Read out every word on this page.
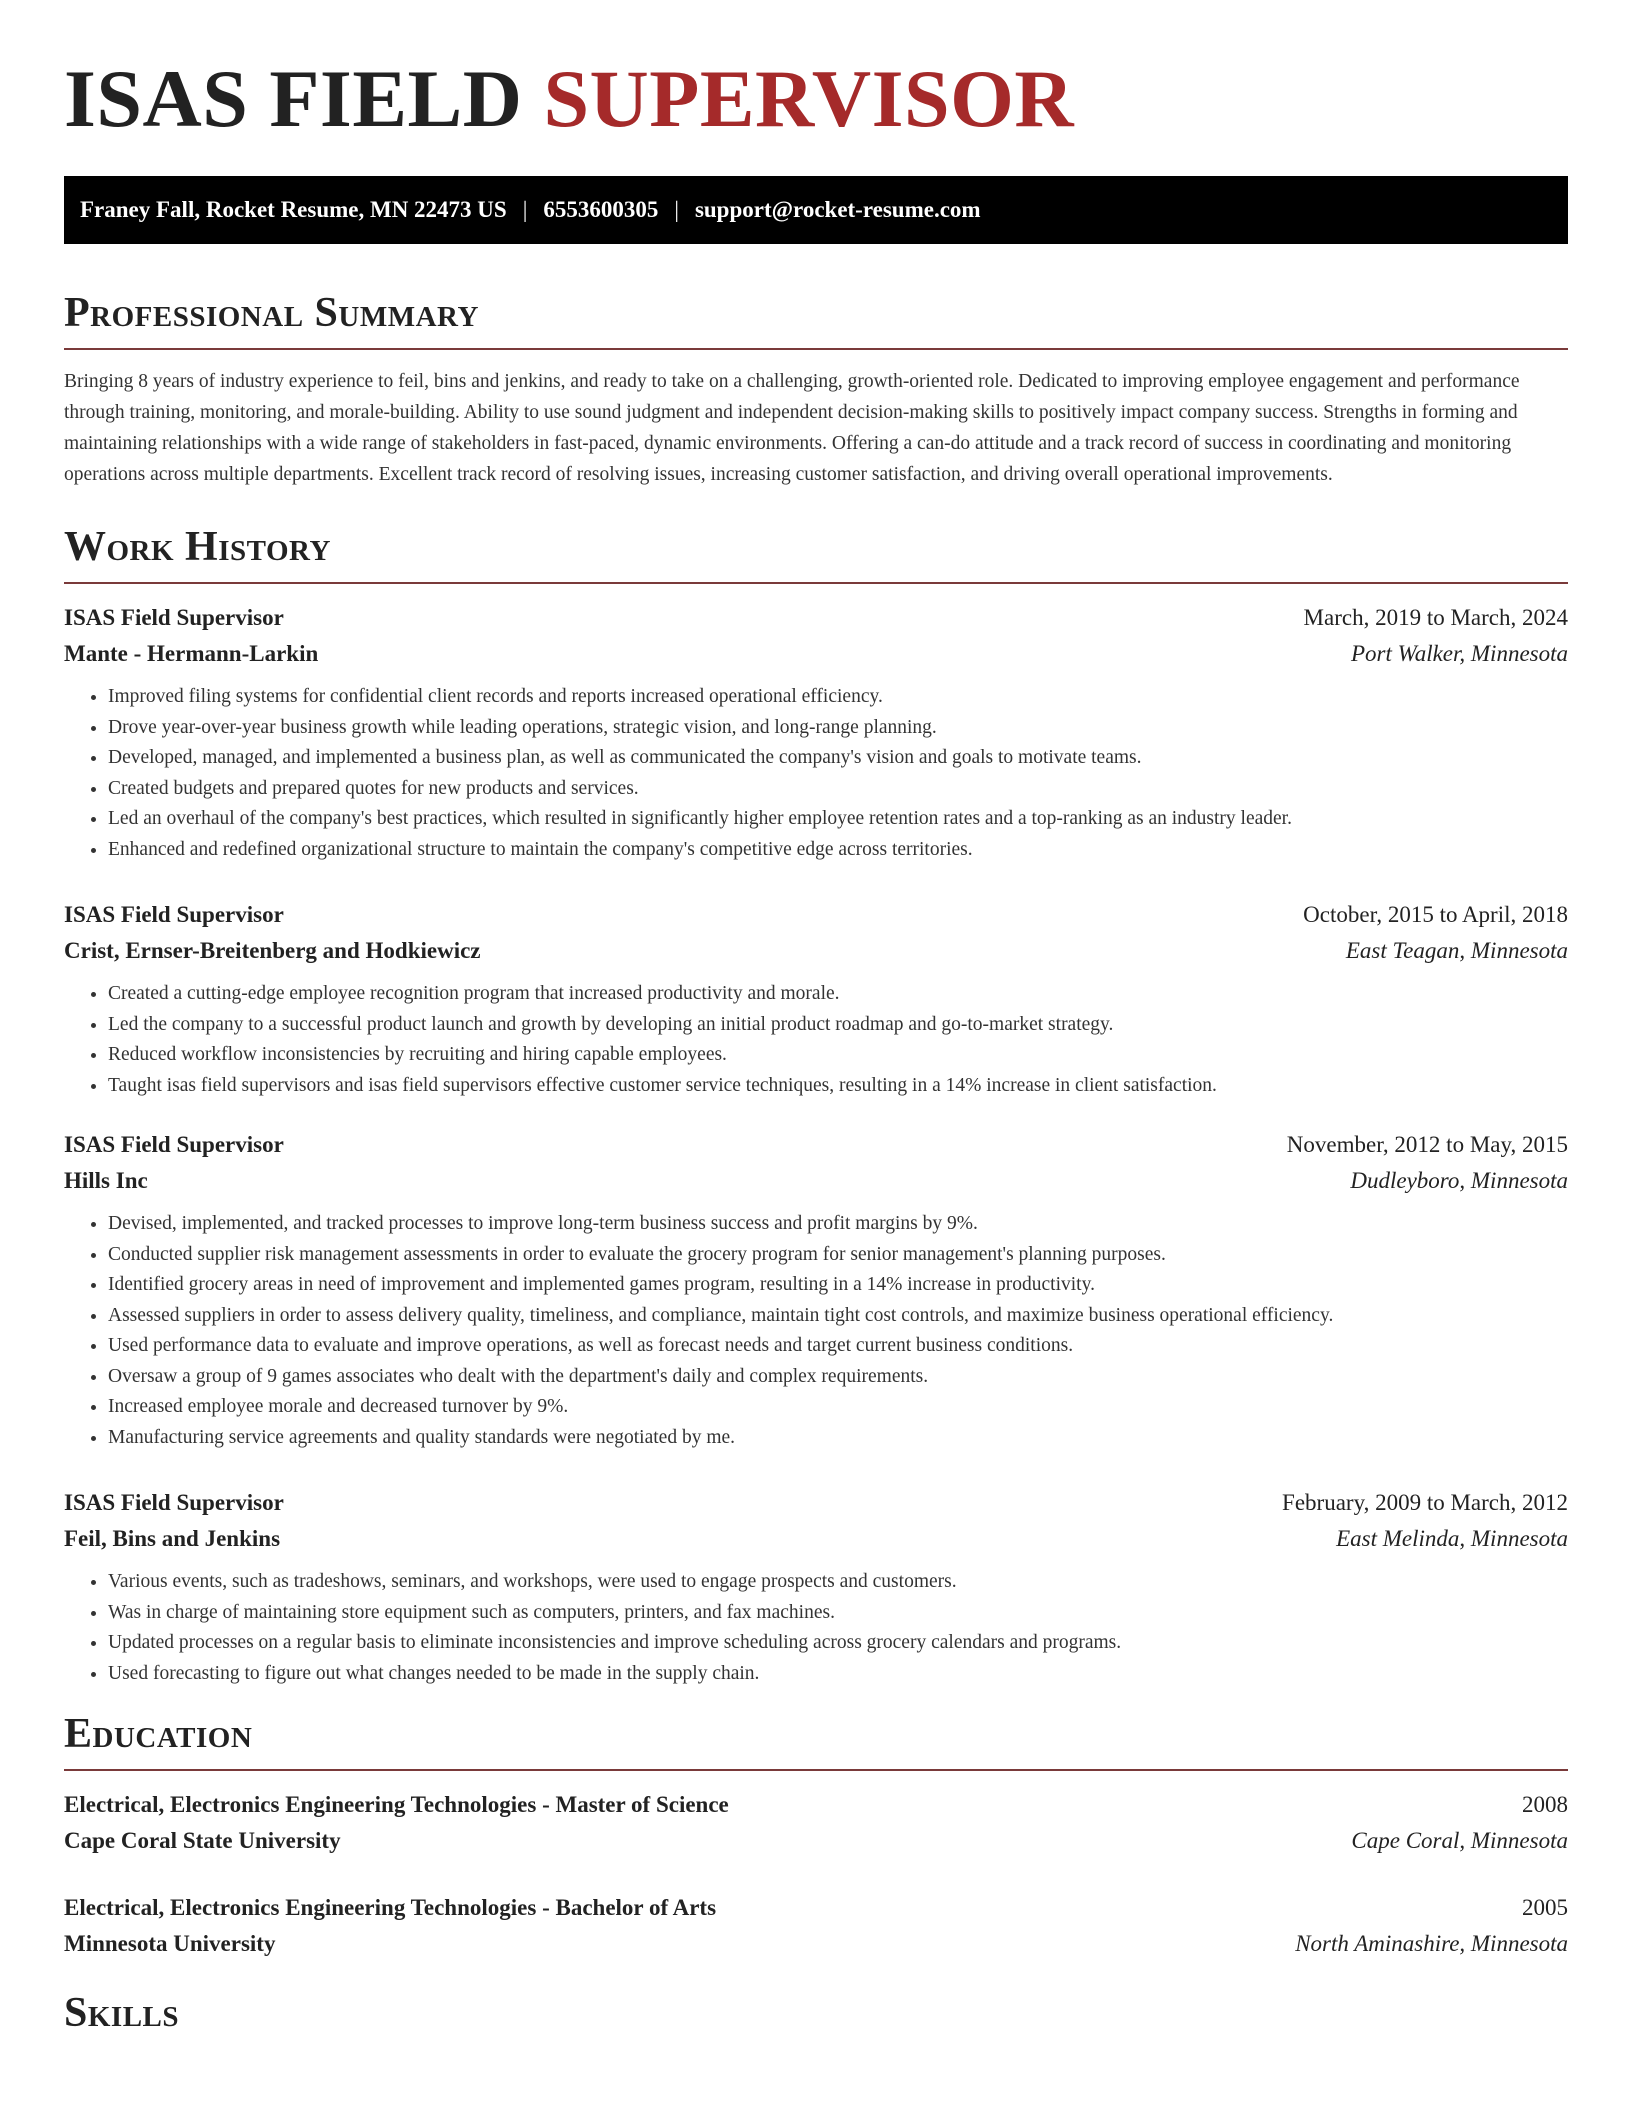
ISAS FIELD SUPERVISOR
Franey Fall, Rocket Resume, MN 22473 US | 6553600305 | support@rocket-resume.com
Professional Summary
Bringing 8 years of industry experience to feil, bins and jenkins, and ready to take on a challenging, growth-oriented role. Dedicated to improving employee engagement and performance through training, monitoring, and morale-building. Ability to use sound judgment and independent decision-making skills to positively impact company success. Strengths in forming and maintaining relationships with a wide range of stakeholders in fast-paced, dynamic environments. Offering a can-do attitude and a track record of success in coordinating and monitoring operations across multiple departments. Excellent track record of resolving issues, increasing customer satisfaction, and driving overall operational improvements.
Work History
ISAS Field Supervisor	March, 2019 to March, 2024
Mante - Hermann-Larkin	Port Walker, Minnesota
• Improved filing systems for confidential client records and reports increased operational efficiency.
• Drove year-over-year business growth while leading operations, strategic vision, and long-range planning.
• Developed, managed, and implemented a business plan, as well as communicated the company's vision and goals to motivate teams.
• Created budgets and prepared quotes for new products and services.
• Led an overhaul of the company's best practices, which resulted in significantly higher employee retention rates and a top-ranking as an industry leader.
• Enhanced and redefined organizational structure to maintain the company's competitive edge across territories.
ISAS Field Supervisor	October, 2015 to April, 2018
Crist, Ernser-Breitenberg and Hodkiewicz	East Teagan, Minnesota
• Created a cutting-edge employee recognition program that increased productivity and morale.
• Led the company to a successful product launch and growth by developing an initial product roadmap and go-to-market strategy.
• Reduced workflow inconsistencies by recruiting and hiring capable employees.
• Taught isas field supervisors and isas field supervisors effective customer service techniques, resulting in a 14% increase in client satisfaction.
ISAS Field Supervisor	November, 2012 to May, 2015
Hills Inc	Dudleyboro, Minnesota
• Devised, implemented, and tracked processes to improve long-term business success and profit margins by 9%.
• Conducted supplier risk management assessments in order to evaluate the grocery program for senior management's planning purposes.
• Identified grocery areas in need of improvement and implemented games program, resulting in a 14% increase in productivity.
• Assessed suppliers in order to assess delivery quality, timeliness, and compliance, maintain tight cost controls, and maximize business operational efficiency.
• Used performance data to evaluate and improve operations, as well as forecast needs and target current business conditions.
• Oversaw a group of 9 games associates who dealt with the department's daily and complex requirements.
• Increased employee morale and decreased turnover by 9%.
• Manufacturing service agreements and quality standards were negotiated by me.
ISAS Field Supervisor	February, 2009 to March, 2012
Feil, Bins and Jenkins	East Melinda, Minnesota
• Various events, such as tradeshows, seminars, and workshops, were used to engage prospects and customers.
• Was in charge of maintaining store equipment such as computers, printers, and fax machines.
• Updated processes on a regular basis to eliminate inconsistencies and improve scheduling across grocery calendars and programs.
• Used forecasting to figure out what changes needed to be made in the supply chain.
Education
Electrical, Electronics Engineering Technologies - Master of Science	2008
Cape Coral State University	Cape Coral, Minnesota
Electrical, Electronics Engineering Technologies - Bachelor of Arts	2005
Minnesota University	North Aminashire, Minnesota
Skills
